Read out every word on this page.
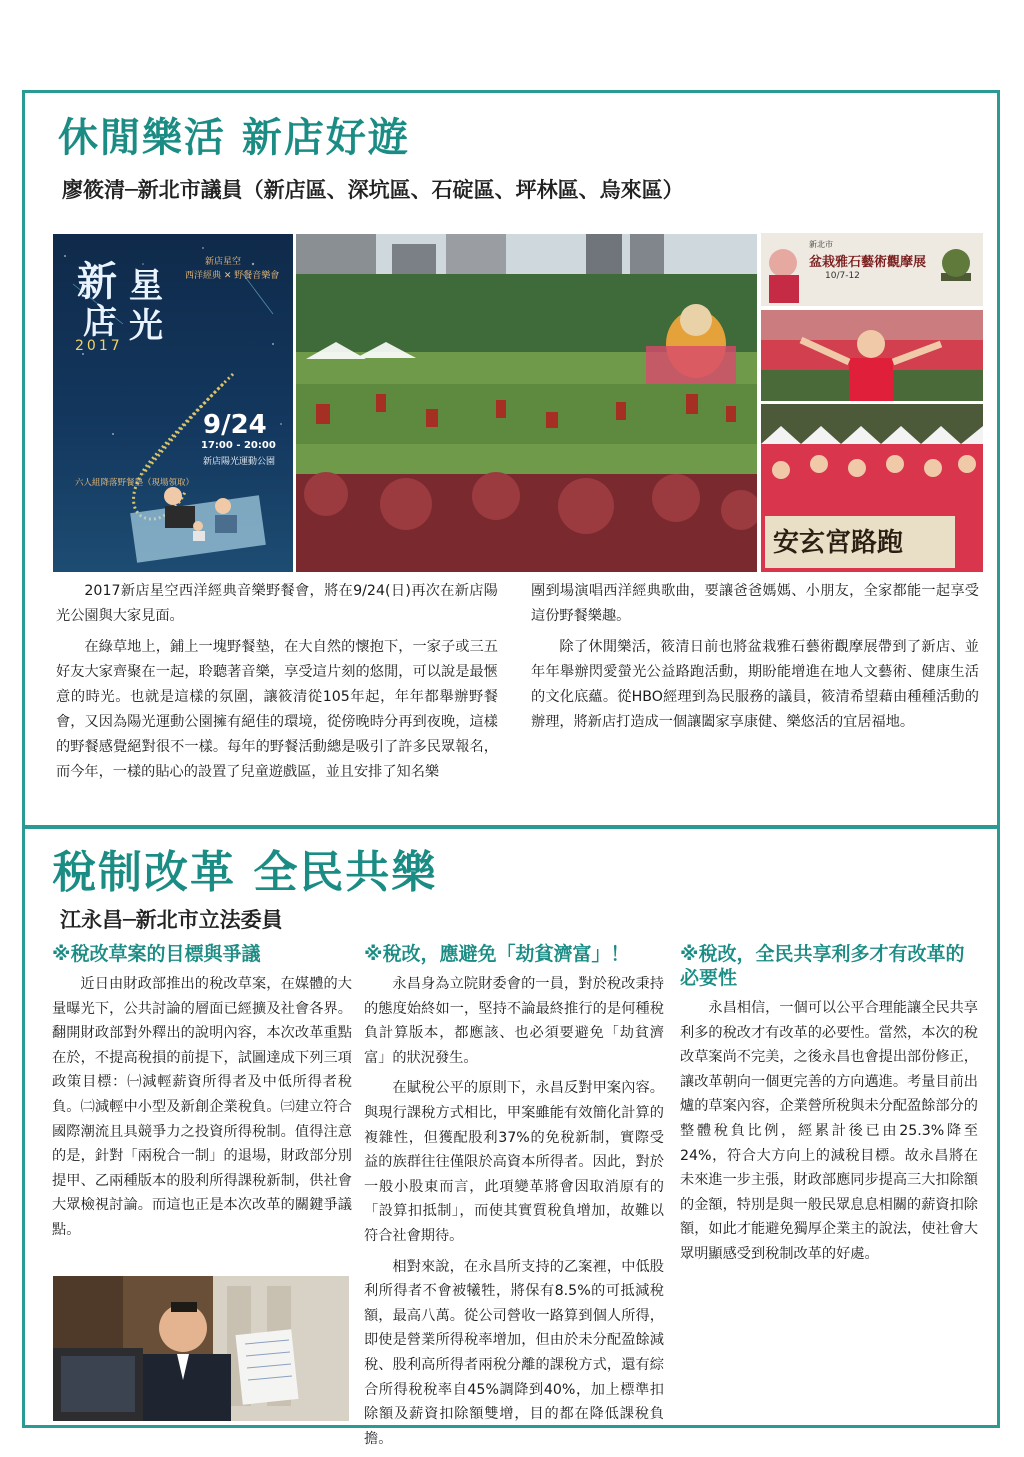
休閒樂活 新店好遊
廖筱清─新北市議員（新店區、深坑區、石碇區、坪林區、烏來區）
新
店
星
光
2017
新店星空
西洋經典 ✕ 野餐音樂會
9/24
17:00 - 20:00
新店陽光運動公園
六人組降落野餐墊（現場領取）
新北市
盆栽雅石藝術觀摩展
10/7-12
安玄宮路跑

2017新店星空西洋經典音樂野餐會，將在9/24(日)再次在新店陽光公園與大家見面。

在綠草地上，鋪上一塊野餐墊，在大自然的懷抱下，一家子或三五好友大家齊聚在一起，聆聽著音樂，享受這片刻的悠閒，可以說是最愜意的時光。也就是這樣的氛圍，讓筱清從105年起，年年都舉辦野餐會，又因為陽光運動公園擁有絕佳的環境，從傍晚時分再到夜晚，這樣的野餐感覺絕對很不一樣。每年的野餐活動總是吸引了許多民眾報名，而今年，一樣的貼心的設置了兒童遊戲區，並且安排了知名樂

團到場演唱西洋經典歌曲，要讓爸爸媽媽、小朋友，全家都能一起享受這份野餐樂趣。

除了休閒樂活，筱清日前也將盆栽雅石藝術觀摩展帶到了新店、並年年舉辦閃愛螢光公益路跑活動，期盼能增進在地人文藝術、健康生活的文化底蘊。從HBO經理到為民服務的議員，筱清希望藉由種種活動的辦理，將新店打造成一個讓闔家享康健、樂悠活的宜居福地。

稅制改革 全民共樂
江永昌─新北市立法委員
※稅改草案的目標與爭議

近日由財政部推出的稅改草案，在媒體的大量曝光下，公共討論的層面已經擴及社會各界。翻開財政部對外釋出的說明內容，本次改革重點在於，不提高稅損的前提下，試圖達成下列三項政策目標：㈠減輕薪資所得者及中低所得者稅負。㈡減輕中小型及新創企業稅負。㈢建立符合國際潮流且具競爭力之投資所得稅制。值得注意的是，針對「兩稅合一制」的退場，財政部分別提甲、乙兩種版本的股利所得課稅新制，供社會大眾檢視討論。而這也正是本次改革的關鍵爭議點。

※稅改，應避免「劫貧濟富」！

永昌身為立院財委會的一員，對於稅改秉持的態度始終如一，堅持不論最終推行的是何種稅負計算版本，都應該、也必須要避免「劫貧濟富」的狀況發生。

在賦稅公平的原則下，永昌反對甲案內容。與現行課稅方式相比，甲案雖能有效簡化計算的複雜性，但獲配股利37%的免稅新制，實際受益的族群往往僅限於高資本所得者。因此，對於一般小股東而言，此項變革將會因取消原有的「設算扣抵制」，而使其實質稅負增加，故難以符合社會期待。

相對來說，在永昌所支持的乙案裡，中低股利所得者不會被犧牲，將保有8.5%的可抵減稅額，最高八萬。從公司營收一路算到個人所得，即使是營業所得稅率增加，但由於未分配盈餘減稅、股利高所得者兩稅分離的課稅方式，還有綜合所得稅稅率自45%調降到40%，加上標準扣除額及薪資扣除額雙增，目的都在降低課稅負擔。

※稅改，全民共享利多才有改革的必要性

永昌相信，一個可以公平合理能讓全民共享利多的稅改才有改革的必要性。當然，本次的稅改草案尚不完美，之後永昌也會提出部份修正，讓改革朝向一個更完善的方向邁進。考量目前出爐的草案內容，企業營所稅與未分配盈餘部分的整體稅負比例，經累計後已由25.3%降至24%，符合大方向上的減稅目標。故永昌將在未來進一步主張，財政部應同步提高三大扣除額的金額，特別是與一般民眾息息相關的薪資扣除額，如此才能避免獨厚企業主的說法，使社會大眾明顯感受到稅制改革的好處。
